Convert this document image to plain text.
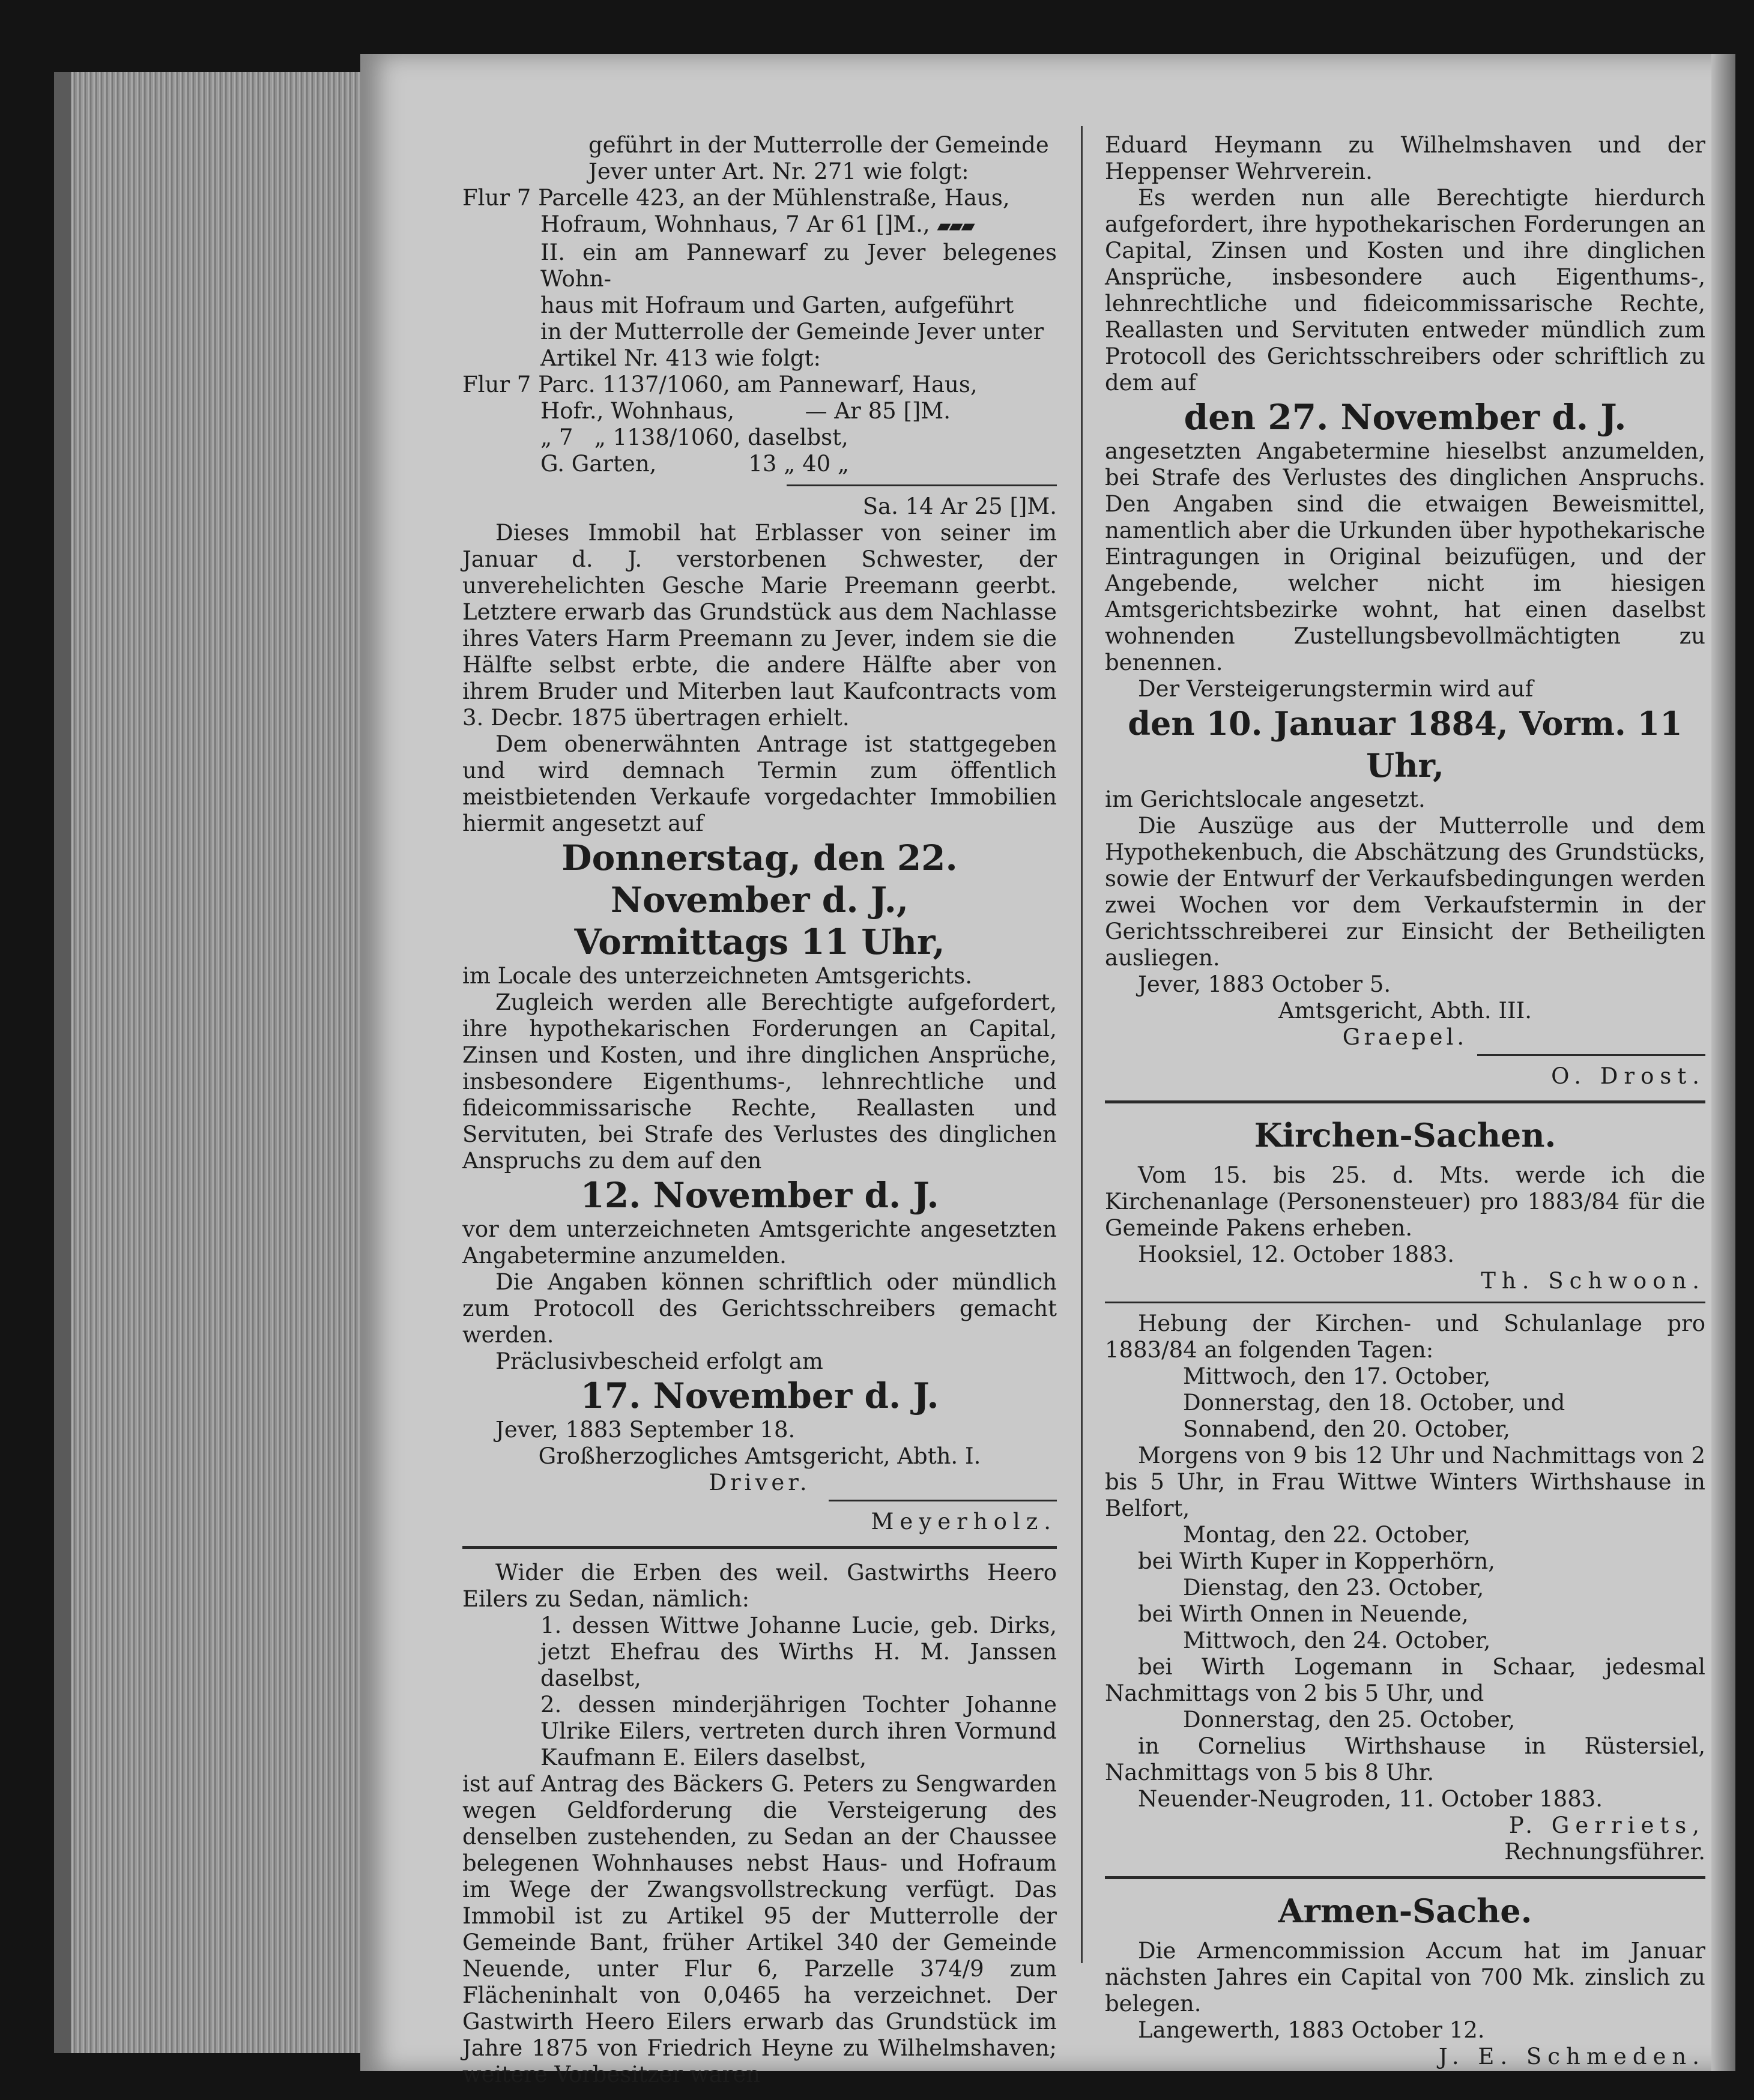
geführt in der Mutterrolle der Gemeinde

Jever unter Art. Nr. 271 wie folgt:

Flur 7 Parcelle 423, an der Mühlenstraße, Haus,

Hofraum, Wohnhaus, 7 Ar 61 []M., ▰▰▰

II. ein am Pannewarf zu Jever belegenes Wohn-

haus mit Hofraum und Garten, aufgeführt

in der Mutterrolle der Gemeinde Jever unter

Artikel Nr. 413 wie folgt:

Flur 7 Parc. 1137/1060, am Pannewarf, Haus,

Hofr., Wohnhaus,          — Ar 85 []M.

„ 7   „ 1138/1060, daselbst,

G. Garten,             13 „ 40 „

Sa. 14 Ar 25 []M.

Dieses Immobil hat Erblasser von seiner im Januar d. J. verstorbenen Schwester, der unverehelichten Gesche Marie Preemann geerbt. Letztere erwarb das Grundstück aus dem Nachlasse ihres Vaters Harm Preemann zu Jever, indem sie die Hälfte selbst erbte, die andere Hälfte aber von ihrem Bruder und Miterben laut Kaufcontracts vom 3. Decbr. 1875 übertragen erhielt.

Dem obenerwähnten Antrage ist stattgegeben und wird demnach Termin zum öffentlich meistbietenden Verkaufe vorgedachter Immobilien hiermit angesetzt auf

Donnerstag, den 22. November d. J.,

Vormittags 11 Uhr,

im Locale des unterzeichneten Amtsgerichts.

Zugleich werden alle Berechtigte aufgefordert, ihre hypothekarischen Forderungen an Capital, Zinsen und Kosten, und ihre dinglichen Ansprüche, insbesondere Eigenthums-, lehnrechtliche und fideicommissarische Rechte, Reallasten und Servituten, bei Strafe des Verlustes des dinglichen Anspruchs zu dem auf den

12. November d. J.

vor dem unterzeichneten Amtsgerichte angesetzten Angabetermine anzumelden.

Die Angaben können schriftlich oder mündlich zum Protocoll des Gerichtsschreibers gemacht werden.

Präclusivbescheid erfolgt am

17. November d. J.

Jever, 1883 September 18.

Großherzogliches Amtsgericht, Abth. I.

Driver.

Meyerholz.

Wider die Erben des weil. Gastwirths Heero Eilers zu Sedan, nämlich:

1. dessen Wittwe Johanne Lucie, geb. Dirks, jetzt Ehefrau des Wirths H. M. Janssen daselbst,

2. dessen minderjährigen Tochter Johanne Ulrike Eilers, vertreten durch ihren Vormund Kaufmann E. Eilers daselbst,

ist auf Antrag des Bäckers G. Peters zu Sengwarden wegen Geldforderung die Versteigerung des denselben zustehenden, zu Sedan an der Chaussee belegenen Wohnhauses nebst Haus- und Hofraum im Wege der Zwangsvollstreckung verfügt. Das Immobil ist zu Artikel 95 der Mutterrolle der Gemeinde Bant, früher Artikel 340 der Gemeinde Neuende, unter Flur 6, Parzelle 374/9 zum Flächeninhalt von 0,0465 ha verzeichnet. Der Gastwirth Heero Eilers erwarb das Grundstück im Jahre 1875 von Friedrich Heyne zu Wilhelmshaven; weitere Vorbesitzer waren

Eduard Heymann zu Wilhelmshaven und der Heppenser Wehrverein.

Es werden nun alle Berechtigte hierdurch aufgefordert, ihre hypothekarischen Forderungen an Capital, Zinsen und Kosten und ihre dinglichen Ansprüche, insbesondere auch Eigenthums-, lehnrechtliche und fideicommissarische Rechte, Reallasten und Servituten entweder mündlich zum Protocoll des Gerichtsschreibers oder schriftlich zu dem auf

den 27. November d. J.

angesetzten Angabetermine hieselbst anzumelden, bei Strafe des Verlustes des dinglichen Anspruchs. Den Angaben sind die etwaigen Beweismittel, namentlich aber die Urkunden über hypothekarische Eintragungen in Original beizufügen, und der Angebende, welcher nicht im hiesigen Amtsgerichtsbezirke wohnt, hat einen daselbst wohnenden Zustellungsbevollmächtigten zu benennen.

Der Versteigerungstermin wird auf

den 10. Januar 1884, Vorm. 11 Uhr,

im Gerichtslocale angesetzt.

Die Auszüge aus der Mutterrolle und dem Hypothekenbuch, die Abschätzung des Grundstücks, sowie der Entwurf der Verkaufsbedingungen werden zwei Wochen vor dem Verkaufstermin in der Gerichtsschreiberei zur Einsicht der Betheiligten ausliegen.

Jever, 1883 October 5.

Amtsgericht, Abth. III.

Graepel.

O. Drost.

Kirchen-Sachen.

Vom 15. bis 25. d. Mts. werde ich die Kirchenanlage (Personensteuer) pro 1883/84 für die Gemeinde Pakens erheben.

Hooksiel, 12. October 1883.

Th. Schwoon.

Hebung der Kirchen- und Schulanlage pro 1883/84 an folgenden Tagen:

Mittwoch, den 17. October,

Donnerstag, den 18. October, und

Sonnabend, den 20. October,

Morgens von 9 bis 12 Uhr und Nachmittags von 2 bis 5 Uhr, in Frau Wittwe Winters Wirthshause in Belfort,

Montag, den 22. October,

bei Wirth Kuper in Kopperhörn,

Dienstag, den 23. October,

bei Wirth Onnen in Neuende,

Mittwoch, den 24. October,

bei Wirth Logemann in Schaar, jedesmal Nachmittags von 2 bis 5 Uhr, und

Donnerstag, den 25. October,

in Cornelius Wirthshause in Rüstersiel, Nachmittags von 5 bis 8 Uhr.

Neuender-Neugroden, 11. October 1883.

P. Gerriets,

Rechnungsführer.

Armen-Sache.

Die Armencommission Accum hat im Januar nächsten Jahres ein Capital von 700 Mk. zinslich zu belegen.

Langewerth, 1883 October 12.

J. E. Schmeden.
